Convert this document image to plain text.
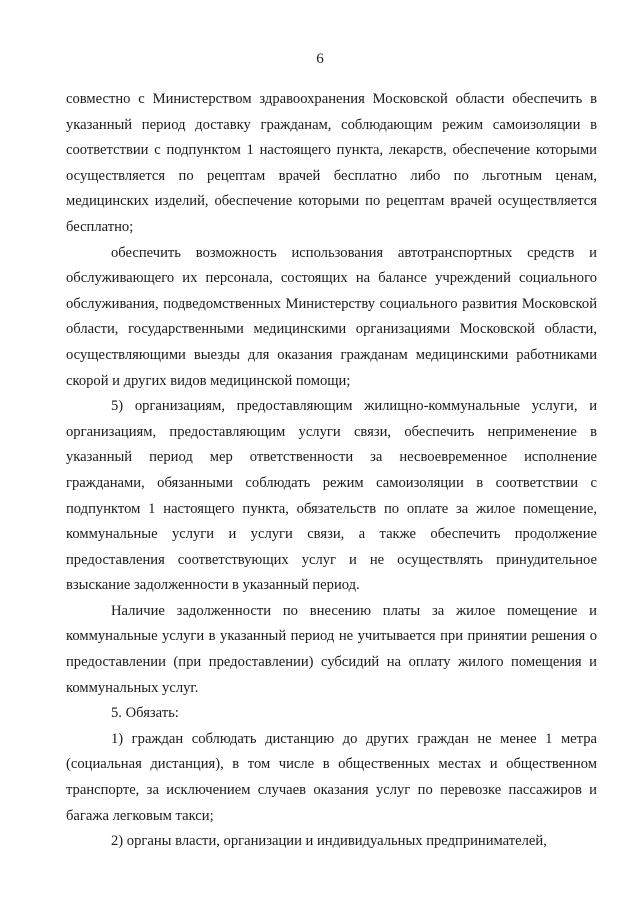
6

совместно с Министерством здравоохранения Московской области обеспечить в указанный период доставку гражданам, соблюдающим режим самоизоляции в соответствии с подпунктом 1 настоящего пункта, лекарств, обеспечение которыми осуществляется по рецептам врачей бесплатно либо по льготным ценам, медицинских изделий, обеспечение которыми по рецептам врачей осуществляется бесплатно;

обеспечить возможность использования автотранспортных средств и обслуживающего их персонала, состоящих на балансе учреждений социального обслуживания, подведомственных Министерству социального развития Московской области, государственными медицинскими организациями Московской области, осуществляющими выезды для оказания гражданам медицинскими работниками скорой и других видов медицинской помощи;

5) организациям, предоставляющим жилищно-коммунальные услуги, и организациям, предоставляющим услуги связи, обеспечить неприменение в указанный период мер ответственности за несвоевременное исполнение гражданами, обязанными соблюдать режим самоизоляции в соответствии с подпунктом 1 настоящего пункта, обязательств по оплате за жилое помещение, коммунальные услуги и услуги связи, а также обеспечить продолжение предоставления соответствующих услуг и не осуществлять принудительное взыскание задолженности в указанный период.

Наличие задолженности по внесению платы за жилое помещение и коммунальные услуги в указанный период не учитывается при принятии решения о предоставлении (при предоставлении) субсидий на оплату жилого помещения и коммунальных услуг.

5. Обязать:

1) граждан соблюдать дистанцию до других граждан не менее 1 метра (социальная дистанция), в том числе в общественных местах и общественном транспорте, за исключением случаев оказания услуг по перевозке пассажиров и багажа легковым такси;

2) органы власти, организации и индивидуальных предпринимателей,
